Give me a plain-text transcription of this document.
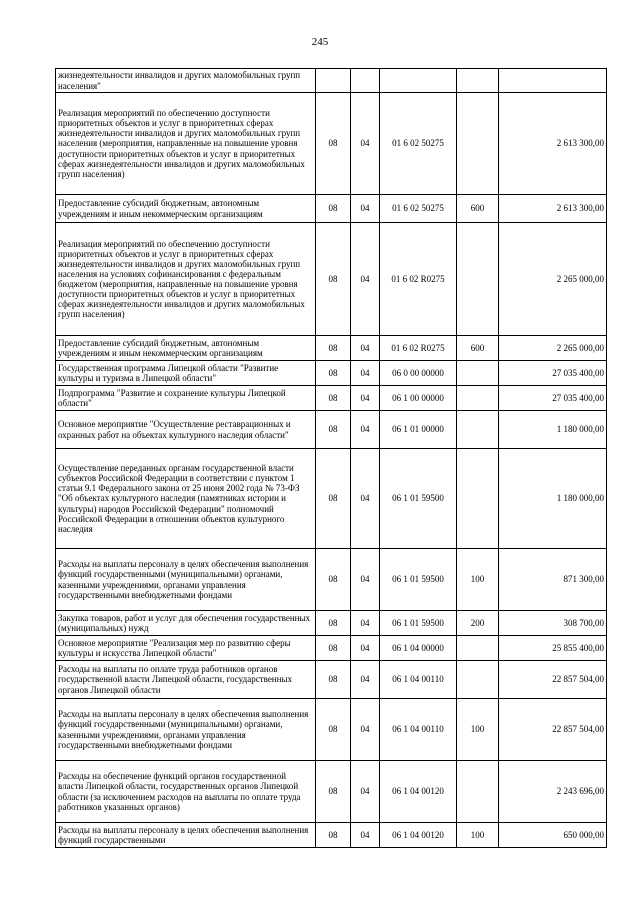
245
жизнедеятельности инвалидов и других маломобильных групп населения"					
Реализация мероприятий по обеспечению доступности приоритетных объектов и услуг в приоритетных сферах жизнедеятельности инвалидов и других маломобильных групп населения (мероприятия, направленные на повышение уровня доступности приоритетных объектов и услуг в приоритетных сферах жизнедеятельности инвалидов и других маломобильных групп населения)	08	04	01 6 02 50275		2 613 300,00
Предоставление субсидий бюджетным, автономным учреждениям и иным некоммерческим организациям	08	04	01 6 02 50275	600	2 613 300,00
Реализация мероприятий по обеспечению доступности приоритетных объектов и услуг в приоритетных сферах жизнедеятельности инвалидов и других маломобильных групп населения на условиях софинансирования с федеральным бюджетом (мероприятия, направленные на повышение уровня доступности приоритетных объектов и услуг в приоритетных сферах жизнедеятельности инвалидов и других маломобильных групп населения)	08	04	01 6 02 R0275		2 265 000,00
Предоставление субсидий бюджетным, автономным учреждениям и иным некоммерческим организациям	08	04	01 6 02 R0275	600	2 265 000,00
Государственная программа Липецкой области "Развитие культуры и туризма в Липецкой области"	08	04	06 0 00 00000		27 035 400,00
Подпрограмма "Развитие и сохранение культуры Липецкой области"	08	04	06 1 00 00000		27 035 400,00
Основное мероприятие "Осуществление реставрационных и охранных работ на объектах культурного наследия области"	08	04	06 1 01 00000		1 180 000,00
Осуществление переданных органам государственной власти субъектов Российской Федерации в соответствии с пунктом 1 статьи 9.1 Федерального закона от 25 июня 2002 года № 73-ФЗ "Об объектах культурного наследия (памятниках истории и культуры) народов Российской Федерации" полномочий Российской Федерации в отношении объектов культурного наследия	08	04	06 1 01 59500		1 180 000,00
Расходы на выплаты персоналу в целях обеспечения выполнения функций государственными (муниципальными) органами, казенными учреждениями, органами управления государственными внебюджетными фондами	08	04	06 1 01 59500	100	871 300,00
Закупка товаров, работ и услуг для обеспечения государственных (муниципальных) нужд	08	04	06 1 01 59500	200	308 700,00
Основное мероприятие "Реализация мер по развитию сферы культуры и искусства Липецкой области"	08	04	06 1 04 00000		25 855 400,00
Расходы на выплаты по оплате труда работников органов государственной власти Липецкой области, государственных органов Липецкой области	08	04	06 1 04 00110		22 857 504,00
Расходы на выплаты персоналу в целях обеспечения выполнения функций государственными (муниципальными) органами, казенными учреждениями, органами управления государственными внебюджетными фондами	08	04	06 1 04 00110	100	22 857 504,00
Расходы на обеспечение функций органов государственной власти Липецкой области, государственных органов Липецкой области (за исключением расходов на выплаты по оплате труда работников указанных органов)	08	04	06 1 04 00120		2 243 696,00
Расходы на выплаты персоналу в целях обеспечения выполнения функций государственными	08	04	06 1 04 00120	100	650 000,00
